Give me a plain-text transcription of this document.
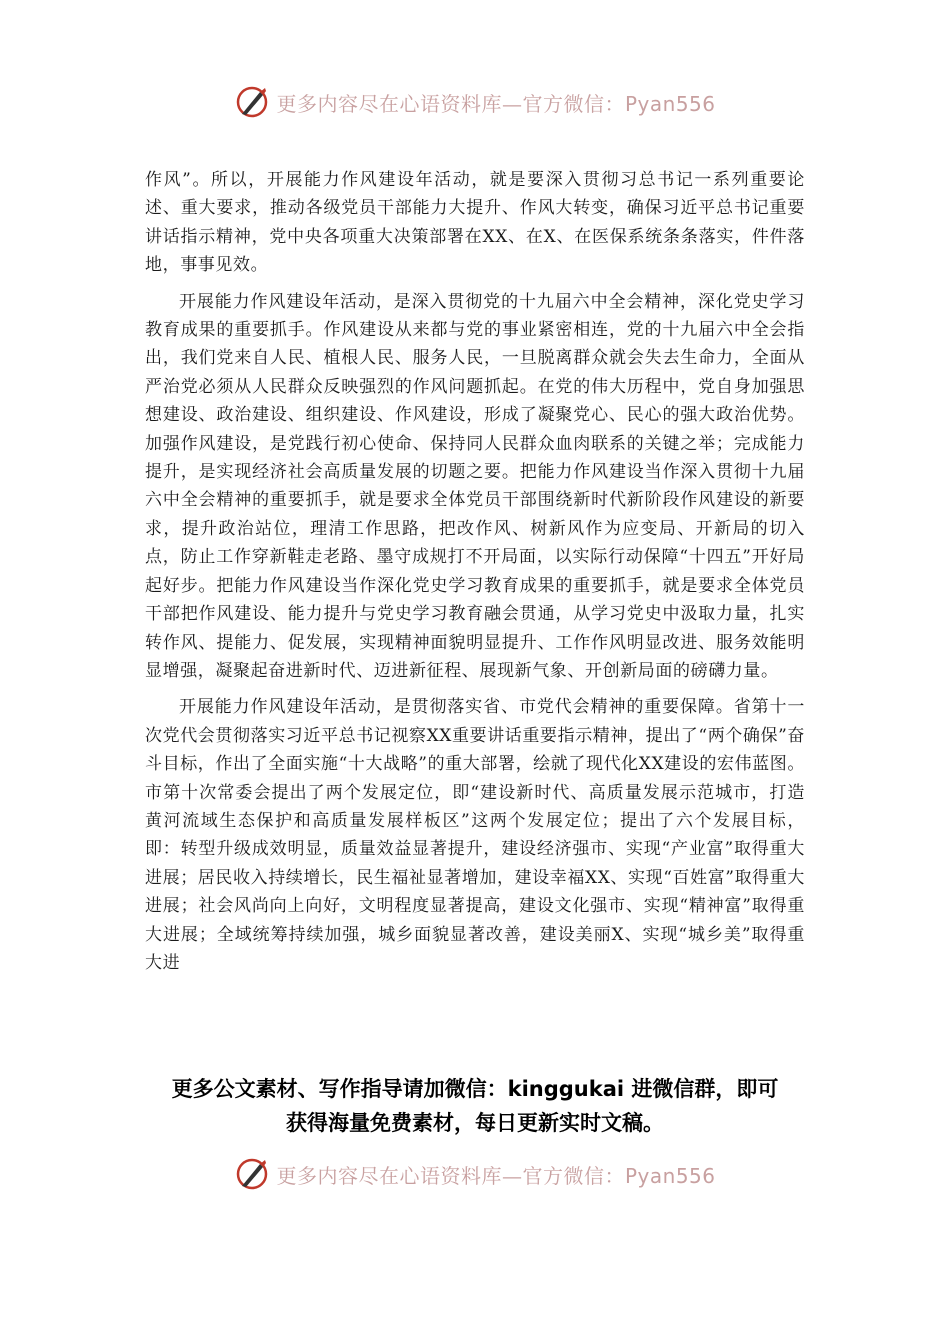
更多内容尽在心语资料库—官方微信：Pyan556

作风”。所以，开展能力作风建设年活动，就是要深入贯彻习总书记一系列重要论述、重大要求，推动各级党员干部能力大提升、作风大转变，确保习近平总书记重要讲话指示精神，党中央各项重大决策部署在XX、在X、在医保系统条条落实，件件落地，事事见效。

开展能力作风建设年活动，是深入贯彻党的十九届六中全会精神，深化党史学习教育成果的重要抓手。作风建设从来都与党的事业紧密相连，党的十九届六中全会指出，我们党来自人民、植根人民、服务人民，一旦脱离群众就会失去生命力，全面从严治党必须从人民群众反映强烈的作风问题抓起。在党的伟大历程中，党自身加强思想建设、政治建设、组织建设、作风建设，形成了凝聚党心、民心的强大政治优势。加强作风建设，是党践行初心使命、保持同人民群众血肉联系的关键之举；完成能力提升，是实现经济社会高质量发展的切题之要。把能力作风建设当作深入贯彻十九届六中全会精神的重要抓手，就是要求全体党员干部围绕新时代新阶段作风建设的新要求，提升政治站位，理清工作思路，把改作风、树新风作为应变局、开新局的切入点，防止工作穿新鞋走老路、墨守成规打不开局面，以实际行动保障“十四五”开好局起好步。把能力作风建设当作深化党史学习教育成果的重要抓手，就是要求全体党员干部把作风建设、能力提升与党史学习教育融会贯通，从学习党史中汲取力量，扎实转作风、提能力、促发展，实现精神面貌明显提升、工作作风明显改进、服务效能明显增强，凝聚起奋进新时代、迈进新征程、展现新气象、开创新局面的磅礴力量。

开展能力作风建设年活动，是贯彻落实省、市党代会精神的重要保障。省第十一次党代会贯彻落实习近平总书记视察XX重要讲话重要指示精神，提出了“两个确保”奋斗目标，作出了全面实施“十大战略”的重大部署，绘就了现代化XX建设的宏伟蓝图。市第十次常委会提出了两个发展定位，即“建设新时代、高质量发展示范城市，打造黄河流域生态保护和高质量发展样板区”这两个发展定位；提出了六个发展目标，即：转型升级成效明显，质量效益显著提升，建设经济强市、实现“产业富”取得重大进展；居民收入持续增长，民生福祉显著增加，建设幸福XX、实现“百姓富”取得重大进展；社会风尚向上向好，文明程度显著提高，建设文化强市、实现“精神富”取得重大进展；全域统筹持续加强，城乡面貌显著改善，建设美丽X、实现“城乡美”取得重大进

更多公文素材、写作指导请加微信：kinggukai 进微信群，即可
获得海量免费素材，每日更新实时文稿。
更多内容尽在心语资料库—官方微信：Pyan556
